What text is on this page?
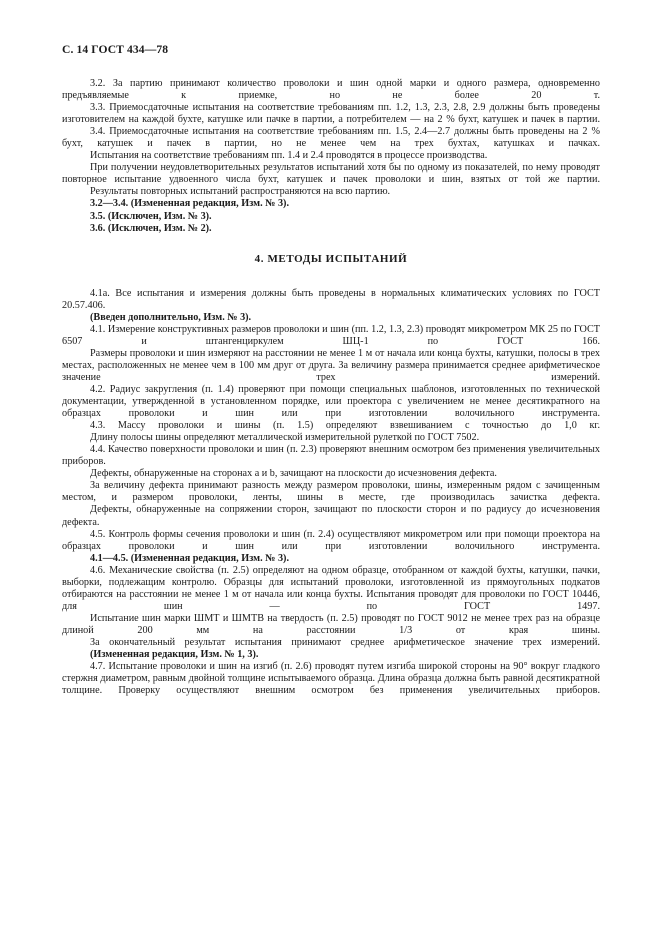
С. 14 ГОСТ 434—78

3.2. За партию принимают количество проволоки и шин одной марки и одного размера, одновременно предъявляемые к приемке, но не более 20 т.

3.3. Приемосдаточные испытания на соответствие требованиям пп. 1.2, 1.3, 2.3, 2.8, 2.9 должны быть проведены изготовителем на каждой бухте, катушке или пачке в партии, а потребителем — на 2 % бухт, катушек и пачек в партии.

3.4. Приемосдаточные испытания на соответствие требованиям пп. 1.5, 2.4—2.7 должны быть проведены на 2 % бухт, катушек и пачек в партии, но не менее чем на трех бухтах, катушках и пачках.

Испытания на соответствие требованиям пп. 1.4 и 2.4 проводятся в процессе производства.

При получении неудовлетворительных результатов испытаний хотя бы по одному из показателей, по нему проводят повторное испытание удвоенного числа бухт, катушек и пачек проволоки и шин, взятых от той же партии.

Результаты повторных испытаний распространяются на всю партию.

3.2—3.4. (Измененная редакция, Изм. № 3).

3.5. (Исключен, Изм. № 3).

3.6. (Исключен, Изм. № 2).

4. МЕТОДЫ ИСПЫТАНИЙ

4.1а. Все испытания и измерения должны быть проведены в нормальных климатических условиях по ГОСТ 20.57.406.

(Введен дополнительно, Изм. № 3).

4.1. Измерение конструктивных размеров проволоки и шин (пп. 1.2, 1.3, 2.3) проводят микрометром МК 25 по ГОСТ 6507 и штангенциркулем ШЦ-1 по ГОСТ 166.

Размеры проволоки и шин измеряют на расстоянии не менее 1 м от начала или конца бухты, катушки, полосы в трех местах, расположенных не менее чем в 100 мм друг от друга. За величину размера принимается среднее арифметическое значение трех измерений.

4.2. Радиус закругления (п. 1.4) проверяют при помощи специальных шаблонов, изготовленных по технической документации, утвержденной в установленном порядке, или проектора с увеличением не менее десятикратного на образцах проволоки и шин или при изготовлении волочильного инструмента.

4.3. Массу проволоки и шины (п. 1.5) определяют взвешиванием с точностью до 1,0 кг.

Длину полосы шины определяют металлической измерительной рулеткой по ГОСТ 7502.

4.4. Качество поверхности проволоки и шин (п. 2.3) проверяют внешним осмотром без применения увеличительных приборов.

Дефекты, обнаруженные на сторонах a и b, зачищают на плоскости до исчезновения дефекта.

За величину дефекта принимают разность между размером проволоки, шины, измеренным рядом с зачищенным местом, и размером проволоки, ленты, шины в месте, где производилась зачистка дефекта.

Дефекты, обнаруженные на сопряжении сторон, зачищают по плоскости сторон и по радиусу до исчезновения дефекта.

4.5. Контроль формы сечения проволоки и шин (п. 2.4) осуществляют микрометром или при помощи проектора на образцах проволоки и шин или при изготовлении волочильного инструмента.

4.1—4.5. (Измененная редакция, Изм. № 3).

4.6. Механические свойства (п. 2.5) определяют на одном образце, отобранном от каждой бухты, катушки, пачки, выборки, подлежащим контролю. Образцы для испытаний проволоки, изготовленной из прямоугольных подкатов отбираются на расстоянии не менее 1 м от начала или конца бухты. Испытания проводят для проволоки по ГОСТ 10446, для шин — по ГОСТ 1497.

Испытание шин марки ШМТ и ШМТВ на твердость (п. 2.5) проводят по ГОСТ 9012 не менее трех раз на образце длиной 200 мм на расстоянии 1/3 от края шины.

За окончательный результат испытания принимают среднее арифметическое значение трех измерений.

(Измененная редакция, Изм. № 1, 3).

4.7. Испытание проволоки и шин на изгиб (п. 2.6) проводят путем изгиба широкой стороны на 90° вокруг гладкого стержня диаметром, равным двойной толщине испытываемого образца. Длина образца должна быть равной десятикратной толщине. Проверку осуществляют внешним осмотром без применения увеличительных приборов.
